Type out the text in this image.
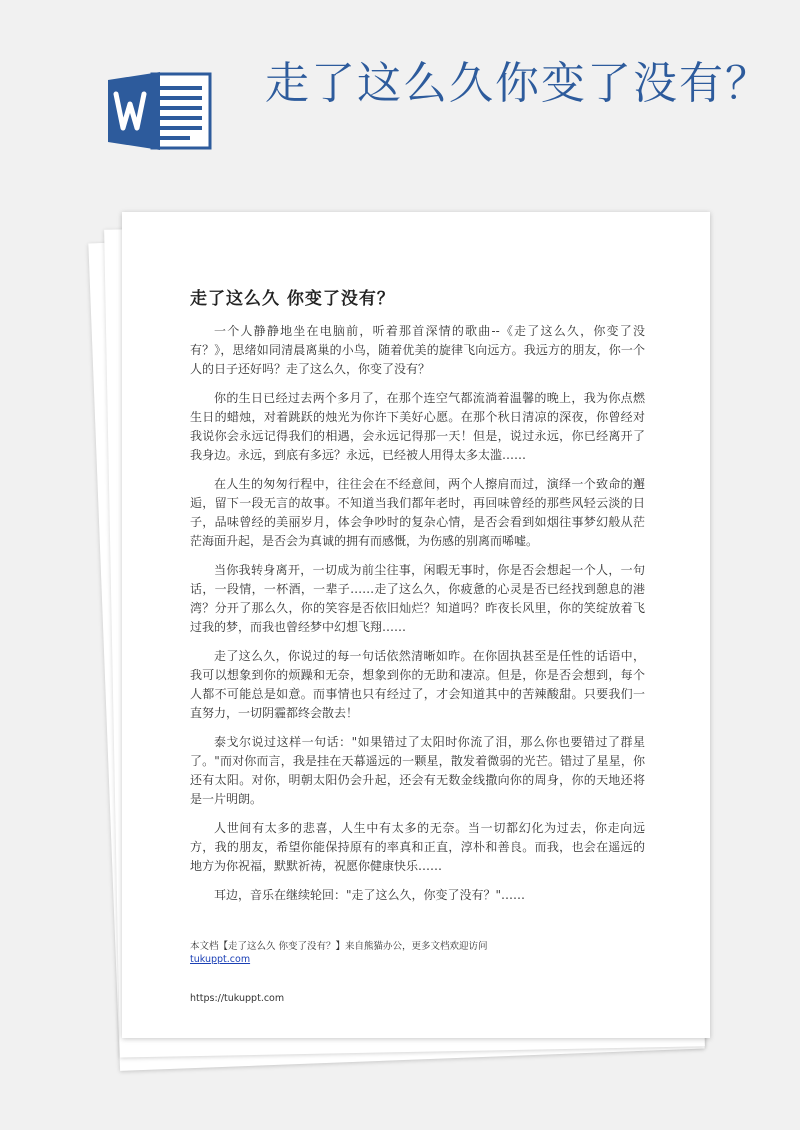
走了这么久你变了没有？
走了这么久 你变了没有？

一个人静静地坐在电脑前，听着那首深情的歌曲--《走了这么久，你变了没有？》，思绪如同清晨离巢的小鸟，随着优美的旋律飞向远方。我远方的朋友，你一个人的日子还好吗？走了这么久，你变了没有？

你的生日已经过去两个多月了，在那个连空气都流淌着温馨的晚上，我为你点燃生日的蜡烛，对着跳跃的烛光为你许下美好心愿。在那个秋日清凉的深夜，你曾经对我说你会永远记得我们的相遇，会永远记得那一天！但是，说过永远，你已经离开了我身边。永远，到底有多远？永远，已经被人用得太多太滥……

在人生的匆匆行程中，往往会在不经意间，两个人擦肩而过，演绎一个致命的邂逅，留下一段无言的故事。不知道当我们都年老时，再回味曾经的那些风轻云淡的日子，品味曾经的美丽岁月，体会争吵时的复杂心情，是否会看到如烟往事梦幻般从茫茫海面升起，是否会为真诚的拥有而感慨，为伤感的别离而唏嘘。

当你我转身离开，一切成为前尘往事，闲暇无事时，你是否会想起一个人，一句话，一段情，一杯酒，一辈子……走了这么久，你疲惫的心灵是否已经找到憩息的港湾？分开了那么久，你的笑容是否依旧灿烂？知道吗？昨夜长风里，你的笑绽放着飞过我的梦，而我也曾经梦中幻想飞翔……

走了这么久，你说过的每一句话依然清晰如昨。在你固执甚至是任性的话语中，我可以想象到你的烦躁和无奈，想象到你的无助和凄凉。但是，你是否会想到，每个人都不可能总是如意。而事情也只有经过了，才会知道其中的苦辣酸甜。只要我们一直努力，一切阴霾都终会散去！

泰戈尔说过这样一句话："如果错过了太阳时你流了泪，那么你也要错过了群星了。"而对你而言，我是挂在天幕遥远的一颗星，散发着微弱的光芒。错过了星星，你还有太阳。对你，明朝太阳仍会升起，还会有无数金线撒向你的周身，你的天地还将是一片明朗。

人世间有太多的悲喜，人生中有太多的无奈。当一切都幻化为过去，你走向远方，我的朋友，希望你能保持原有的率真和正直，淳朴和善良。而我，也会在遥远的地方为你祝福，默默祈祷，祝愿你健康快乐……

耳边，音乐在继续轮回："走了这么久，你变了没有？"……

本文档【走了这么久 你变了没有？】来自熊猫办公，更多文档欢迎访问
tukuppt.com
https://tukuppt.com
